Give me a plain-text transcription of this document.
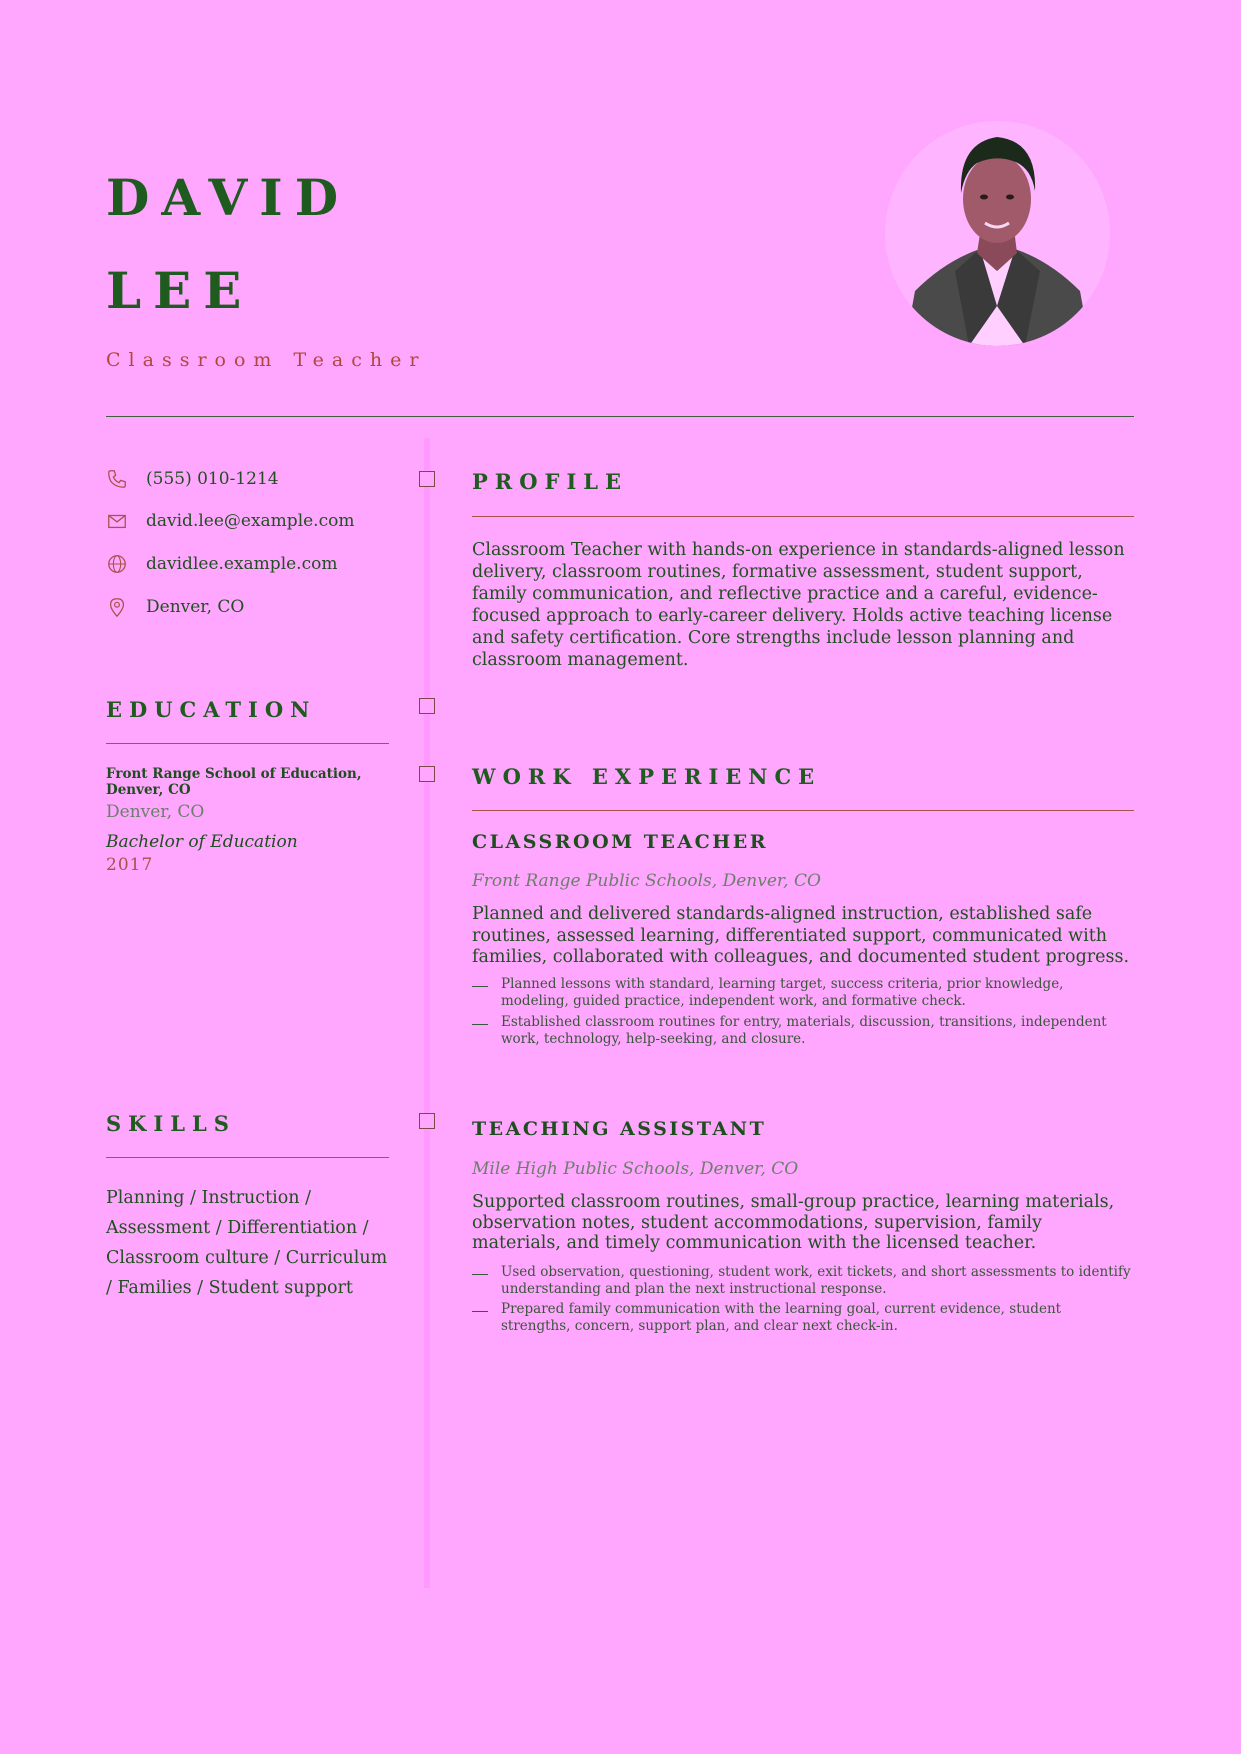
DAVID
LEE
Classroom Teacher
(555) 010-1214
david.lee@example.com
davidlee.example.com
Denver, CO
EDUCATION
Front Range School of Education, Denver, CO
Denver, CO
Bachelor of Education
2017
SKILLS
Planning / Instruction / Assessment / Differentiation / Classroom culture / Curriculum / Families / Student support
PROFILE
Classroom Teacher with hands-on experience in standards-aligned lesson delivery, classroom routines, formative assessment, student support, family communication, and reflective practice and a careful, evidence-focused approach to early-career delivery. Holds active teaching license and safety certification. Core strengths include lesson planning and classroom management.
WORK EXPERIENCE
CLASSROOM TEACHER
Front Range Public Schools, Denver, CO
Planned and delivered standards-aligned instruction, established safe routines, assessed learning, differentiated support, communicated with families, collaborated with colleagues, and documented student progress.
Planned lessons with standard, learning target, success criteria, prior knowledge, modeling, guided practice, independent work, and formative check.
Established classroom routines for entry, materials, discussion, transitions, independent work, technology, help-seeking, and closure.
TEACHING ASSISTANT
Mile High Public Schools, Denver, CO
Supported classroom routines, small-group practice, learning materials, observation notes, student accommodations, supervision, family materials, and timely communication with the licensed teacher.
Used observation, questioning, student work, exit tickets, and short assessments to identify understanding and plan the next instructional response.
Prepared family communication with the learning goal, current evidence, student strengths, concern, support plan, and clear next check-in.
